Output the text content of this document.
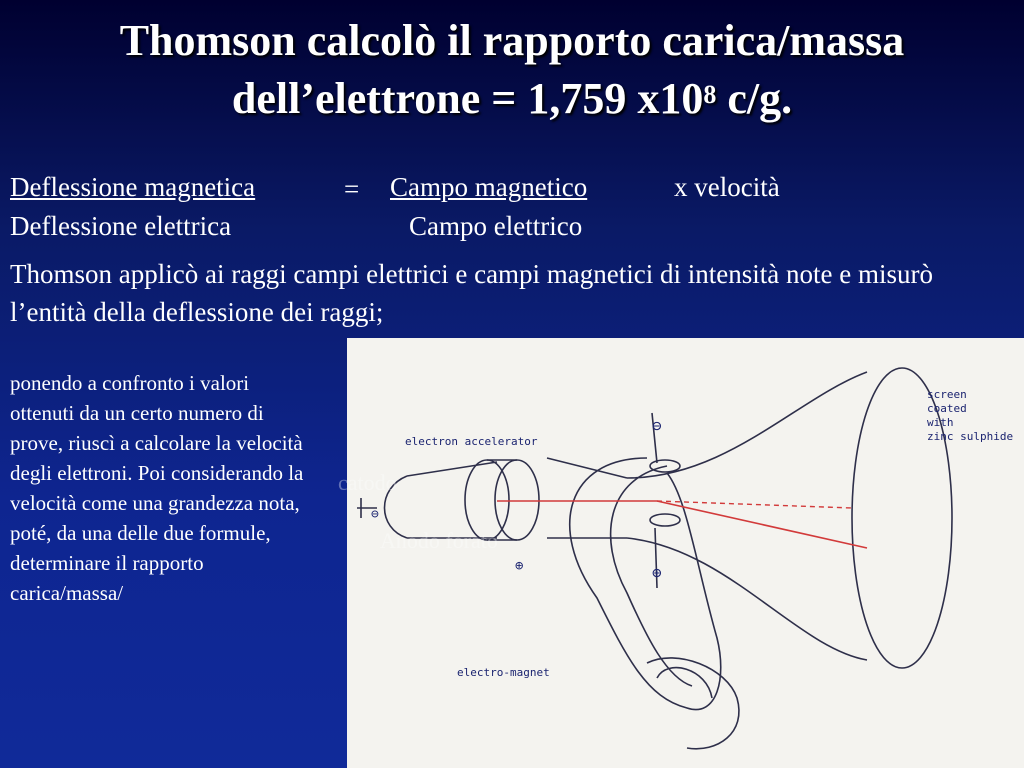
Thomson calcolò il rapporto carica/massa
dell’elettrone = 1,759 $x10^8$ c/g.
Deflessione magnetica	= Campo magnetico	x velocità
Deflessione elettrica	Campo elettrico
Thomson applicò ai raggi campi elettrici e campi magnetici di intensità note e misurò l’entità della deflessione dei raggi;
ponendo a confronto i valori ottenuti da un certo numero di prove, riuscì a calcolare la velocità degli elettroni. Poi considerando la velocità come una grandezza nota, poté, da una delle due formule, determinare il rapporto carica/massa/
electron accelerator
screen
coated
with
zinc sulphide
electro-magnet
⊖
⊕
⊖
⊕
catodo
Anodo forato
